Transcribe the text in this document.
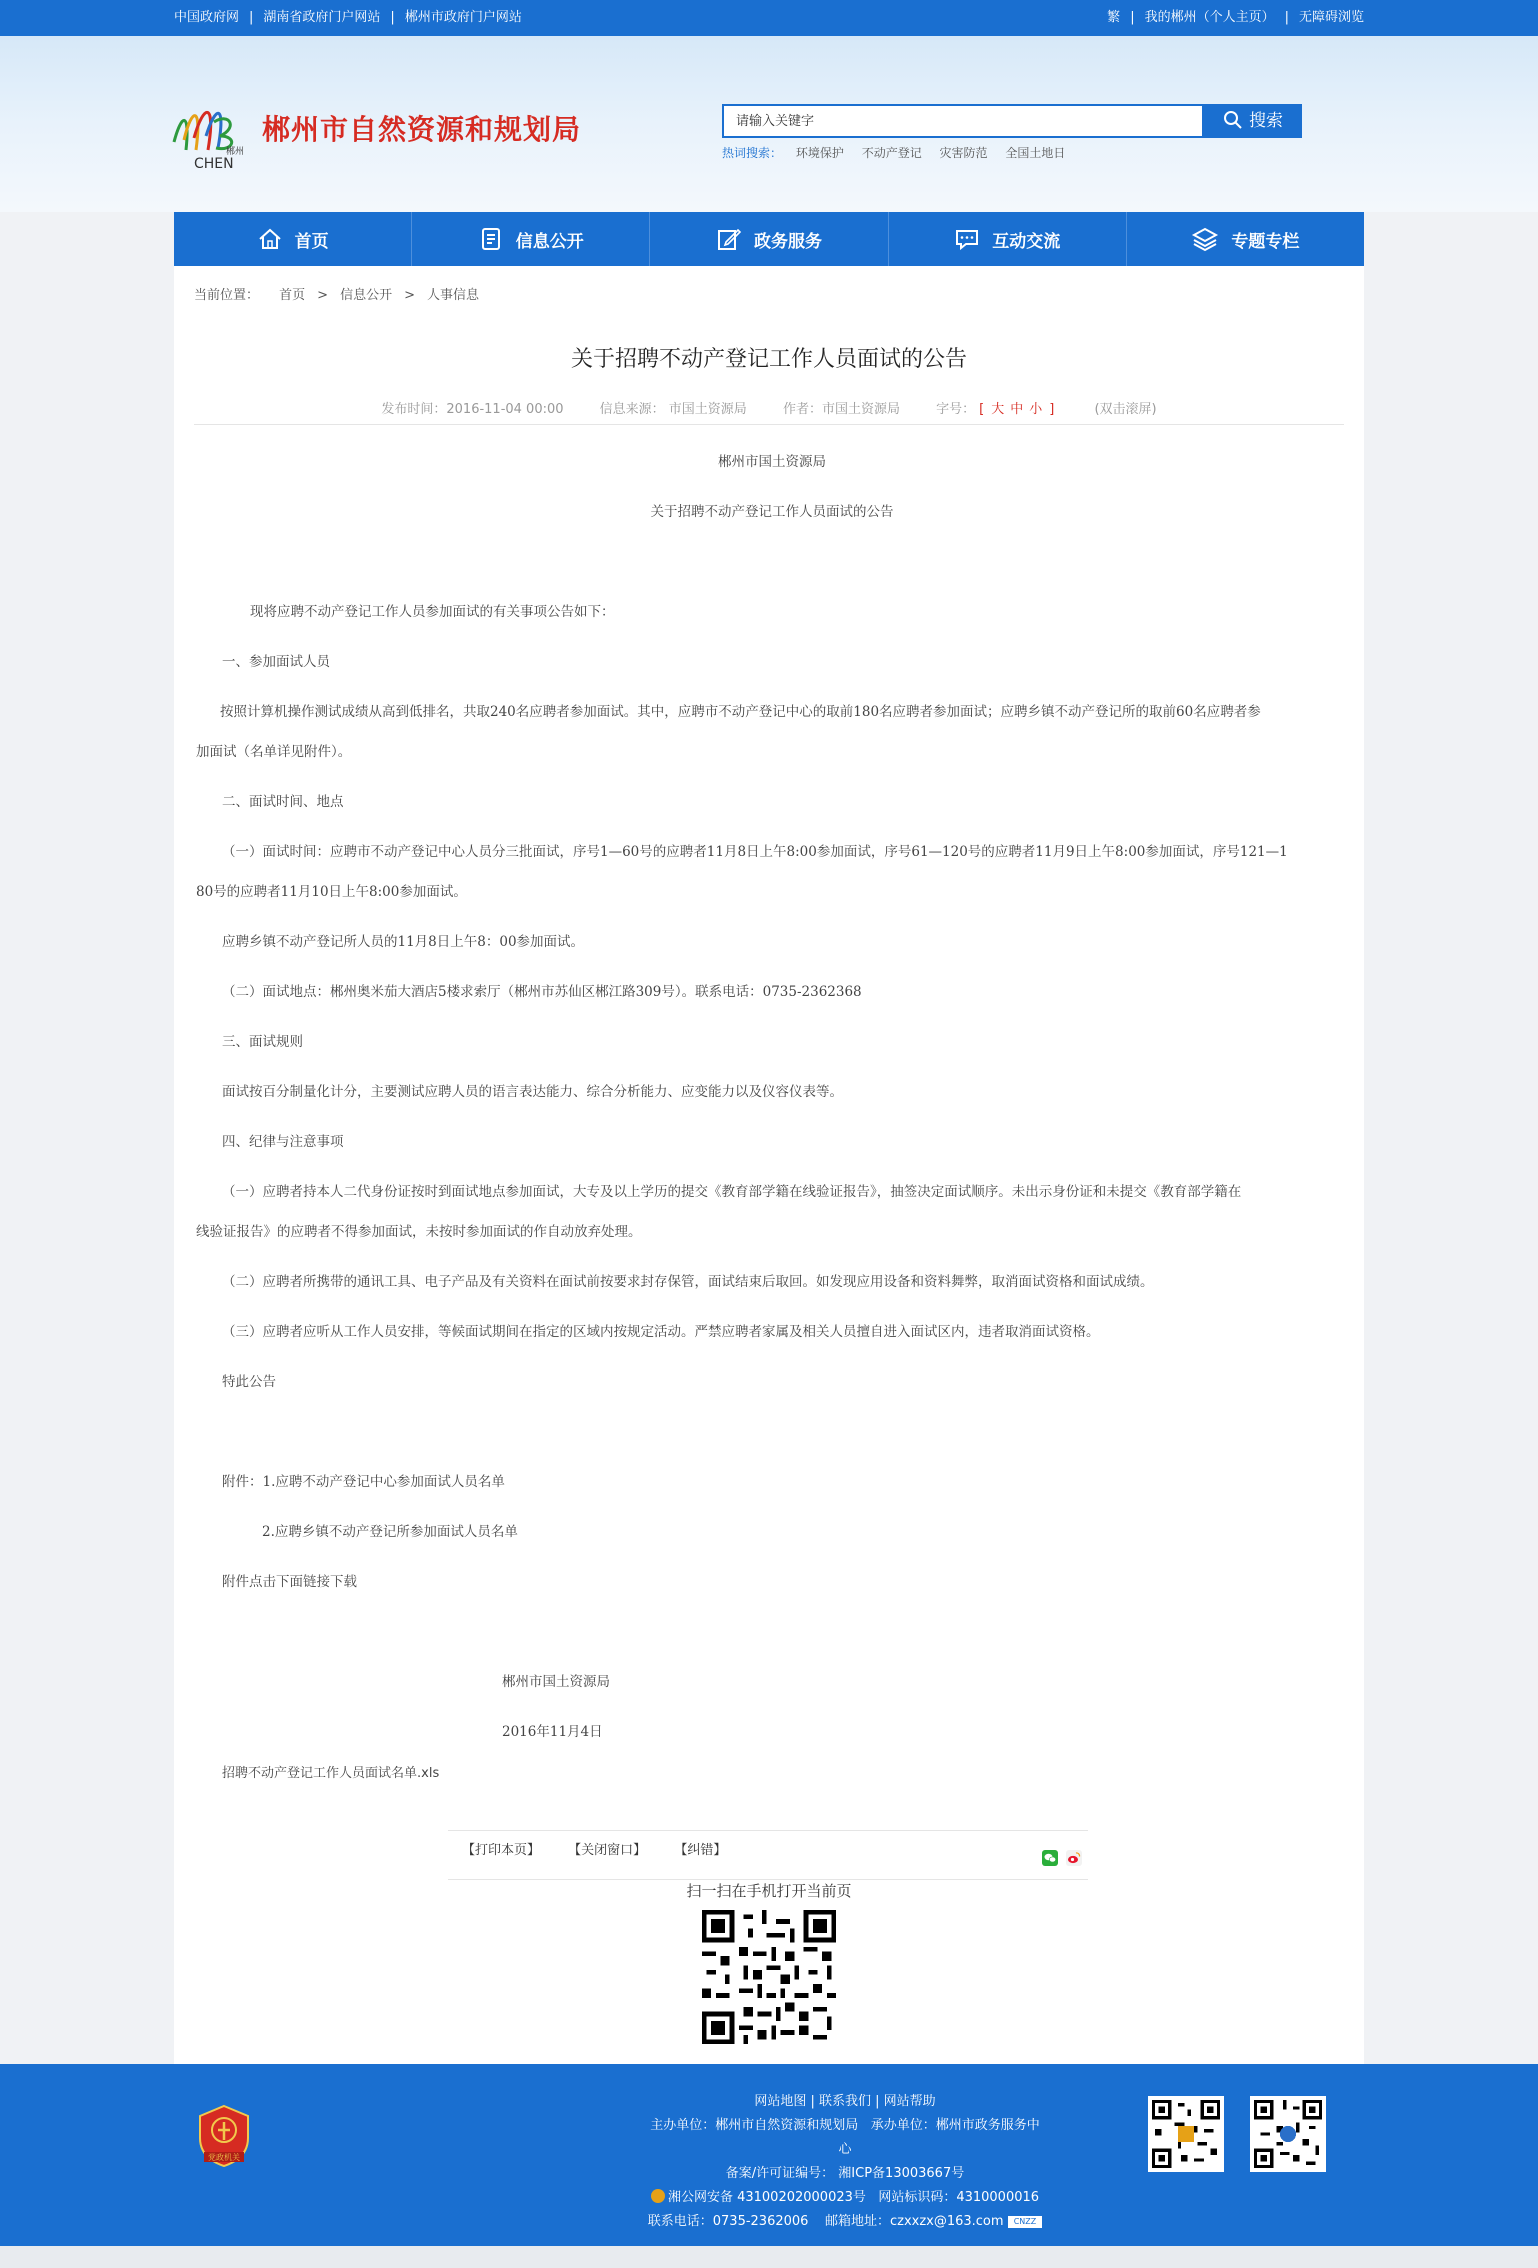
中国政府网 | 湖南省政府门户网站 | 郴州市政府门户网站	繁 | 我的郴州（个人主页） | 无障碍浏览
郴州
CHEN
郴州市自然资源和规划局
请输入关键字	搜索
热词搜索： 环境保护 不动产登记 灾害防范 全国土地日
首页	信息公开	政务服务	互动交流	专题专栏
当前位置： 首页 > 信息公开 > 人事信息
关于招聘不动产登记工作人员面试的公告
发布时间：2016-11-04 00:00	信息来源： 市国土资源局	作者：市国土资源局	字号： [ 大 中 小 ]	(双击滚屏)
郴州市国土资源局
关于招聘不动产登记工作人员面试的公告
现将应聘不动产登记工作人员参加面试的有关事项公告如下：
一、参加面试人员
按照计算机操作测试成绩从高到低排名，共取240名应聘者参加面试。其中，应聘市不动产登记中心的取前180名应聘者参加面试；应聘乡镇不动产登记所的取前60名应聘者参
加面试（名单详见附件）。
二、面试时间、地点
（一）面试时间：应聘市不动产登记中心人员分三批面试，序号1—60号的应聘者11月8日上午8:00参加面试，序号61—120号的应聘者11月9日上午8:00参加面试，序号121—1
80号的应聘者11月10日上午8:00参加面试。
应聘乡镇不动产登记所人员的11月8日上午8：00参加面试。
（二）面试地点：郴州奥米茄大酒店5楼求索厅（郴州市苏仙区郴江路309号）。联系电话：0735-2362368
三、面试规则
面试按百分制量化计分，主要测试应聘人员的语言表达能力、综合分析能力、应变能力以及仪容仪表等。
四、纪律与注意事项
（一）应聘者持本人二代身份证按时到面试地点参加面试，大专及以上学历的提交《教育部学籍在线验证报告》，抽签决定面试顺序。未出示身份证和未提交《教育部学籍在
线验证报告》的应聘者不得参加面试，未按时参加面试的作自动放弃处理。
（二）应聘者所携带的通讯工具、电子产品及有关资料在面试前按要求封存保管，面试结束后取回。如发现应用设备和资料舞弊，取消面试资格和面试成绩。
（三）应聘者应听从工作人员安排，等候面试期间在指定的区域内按规定活动。严禁应聘者家属及相关人员擅自进入面试区内，违者取消面试资格。
特此公告
附件：1.应聘不动产登记中心参加面试人员名单
2.应聘乡镇不动产登记所参加面试人员名单
附件点击下面链接下载
郴州市国土资源局
2016年11月4日
招聘不动产登记工作人员面试名单.xls
【打印本页】 【关闭窗口】 【纠错】

扫一扫在手机打开当前页
党政机关
网站地图 | 联系我们 | 网站帮助
主办单位：郴州市自然资源和规划局 承办单位：郴州市政务服务中
心
备案/许可证编号： 湘ICP备13003667号
湘公网安备 43100202000023号 网站标识码：4310000016
联系电话：0735-2362006 邮箱地址：czxxzx@163.com CNZZ
